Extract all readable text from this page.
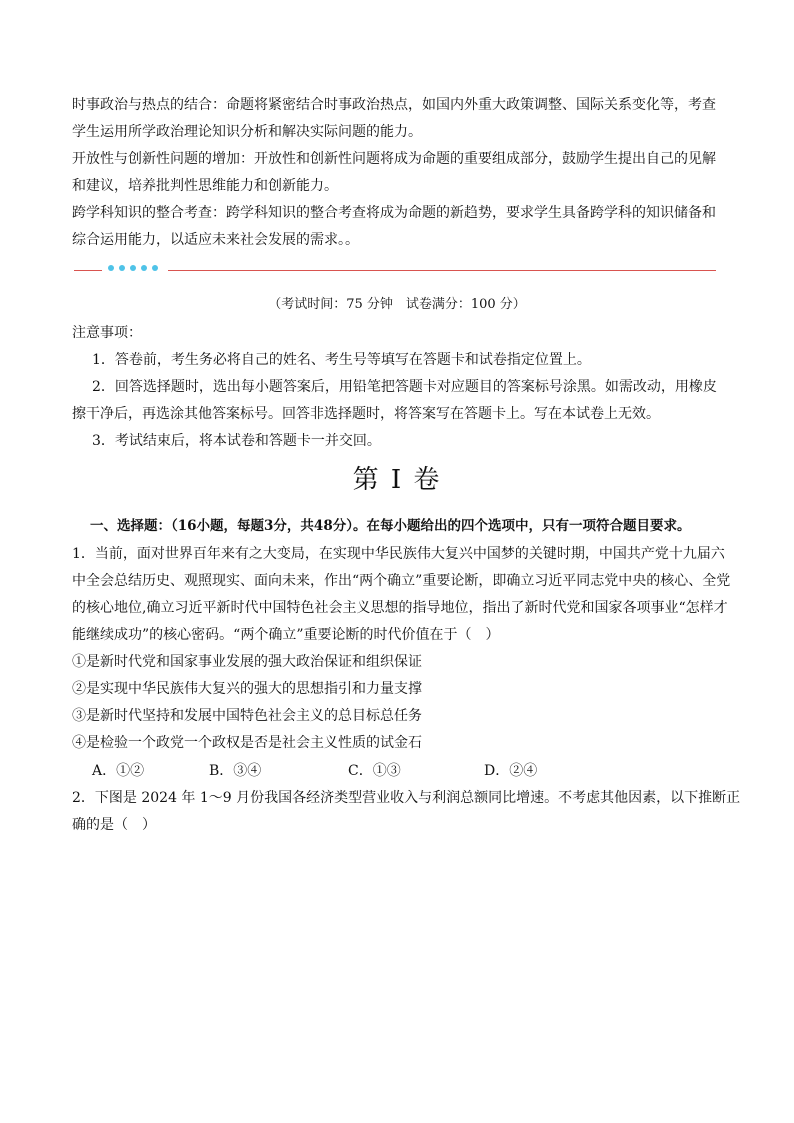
时事政治与热点的结合：命题将紧密结合时事政治热点，如国内外重大政策调整、国际关系变化等，考查
学生运用所学政治理论知识分析和解决实际问题的能力。
开放性与创新性问题的增加：开放性和创新性问题将成为命题的重要组成部分，鼓励学生提出自己的见解
和建议，培养批判性思维能力和创新能力。
跨学科知识的整合考查：跨学科知识的整合考查将成为命题的新趋势，要求学生具备跨学科的知识储备和
综合运用能力，以适应未来社会发展的需求。。
（考试时间：75 分钟　试卷满分：100 分）
注意事项：
1．答卷前，考生务必将自己的姓名、考生号等填写在答题卡和试卷指定位置上。
2．回答选择题时，选出每小题答案后，用铅笔把答题卡对应题目的答案标号涂黑。如需改动，用橡皮
擦干净后，再选涂其他答案标号。回答非选择题时，将答案写在答题卡上。写在本试卷上无效。
3．考试结束后，将本试卷和答题卡一并交回。
第 I 卷
一、选择题：（16小题，每题3分，共48分）。在每小题给出的四个选项中，只有一项符合题目要求。
1．当前，面对世界百年来有之大变局，在实现中华民族伟大复兴中国梦的关键时期，中国共产党十九届六
中全会总结历史、观照现实、面向未来，作出“两个确立”重要论断，即确立习近平同志党中央的核心、全党
的核心地位,确立习近平新时代中国特色社会主义思想的指导地位，指出了新时代党和国家各项事业“怎样才
能继续成功”的核心密码。“两个确立”重要论断的时代价值在于（　）
①是新时代党和国家事业发展的强大政治保证和组织保证
②是实现中华民族伟大复兴的强大的思想指引和力量支撑
③是新时代坚持和发展中国特色社会主义的总目标总任务
④是检验一个政党一个政权是否是社会主义性质的试金石
A．①②	B．③④	C．①③	D．②④
2．下图是 2024 年 1～9 月份我国各经济类型营业收入与利润总额同比增速。不考虑其他因素，以下推断正
确的是（　）
